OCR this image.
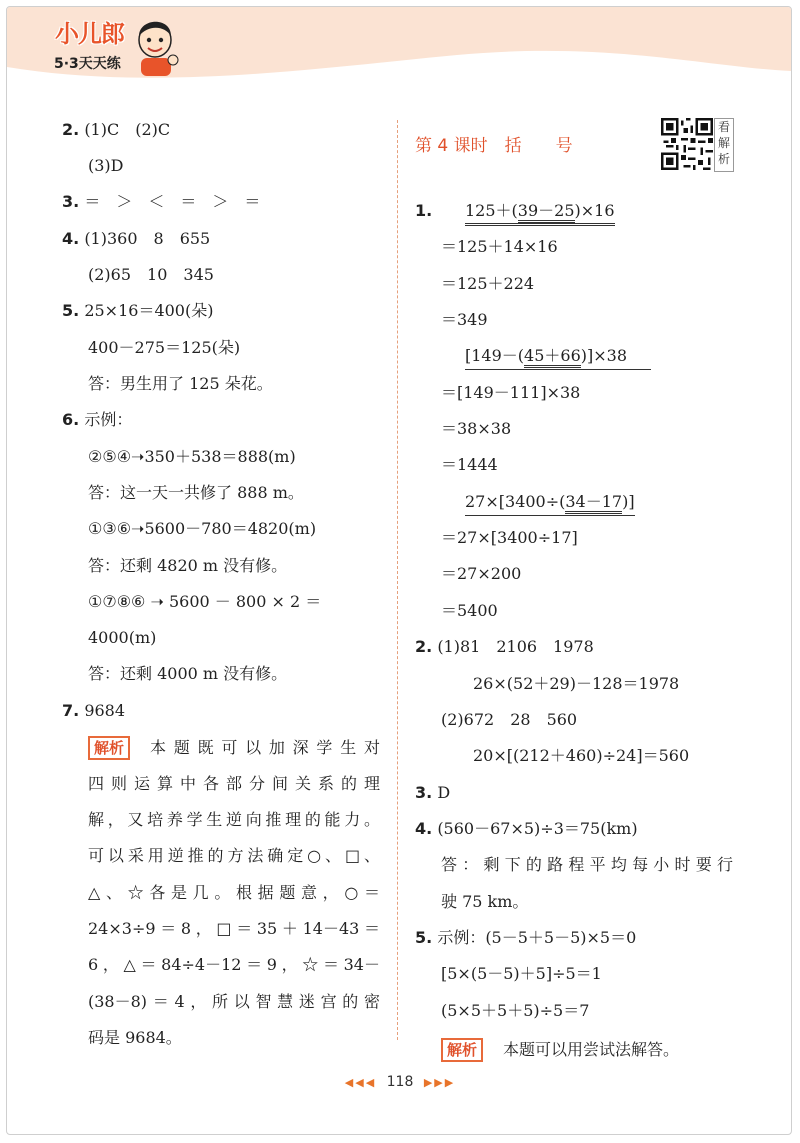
小儿郎
5·3天天练
2. (1)C　(2)C
(3)D
3. ＝　＞　＜　＝　＞　＝
4. (1)360　8　655
(2)65　10　345
5. 25×16＝400(朵)
400－275＝125(朵)
答：男生用了 125 朵花。
6. 示例：
②⑤④➝350＋538＝888(m)
答：这一天一共修了 888 m。
①③⑥➝5600－780＝4820(m)
答：还剩 4820 m 没有修。
①⑦⑧⑥ ➝ 5600 － 800 × 2 ＝
4000(m)
答：还剩 4000 m 没有修。
7. 9684
解析	本题既可以加深学生对
四则运算中各部分间关系的理
解，又培养学生逆向推理的能力。
可以采用逆推的方法确定○、□、
△、☆各是几。根据题意，○＝
24×3÷9＝8，□＝35＋14－43＝
6，△＝84÷4－12＝9，☆＝34－
(38－8)＝4，所以智慧迷宫的密
码是 9684。
第 4 课时　括　　号
看解析
1. 125＋(39－25)×16
＝125＋14×16
＝125＋224
＝349
[149－(45＋66)]×38
＝[149－111]×38
＝38×38
＝1444
27×[3400÷(34－17)]
＝27×[3400÷17]
＝27×200
＝5400
2. (1)81　2106　1978
26×(52＋29)－128＝1978
(2)672　28　560
20×[(212＋460)÷24]＝560
3. D
4. (560－67×5)÷3＝75(km)
答：剩下的路程平均每小时要行
驶 75 km。
5. 示例：(5－5＋5－5)×5＝0
[5×(5－5)＋5]÷5＝1
(5×5＋5＋5)÷5＝7
解析	本题可以用尝试法解答。
◀◀◀ 118 ▶▶▶
